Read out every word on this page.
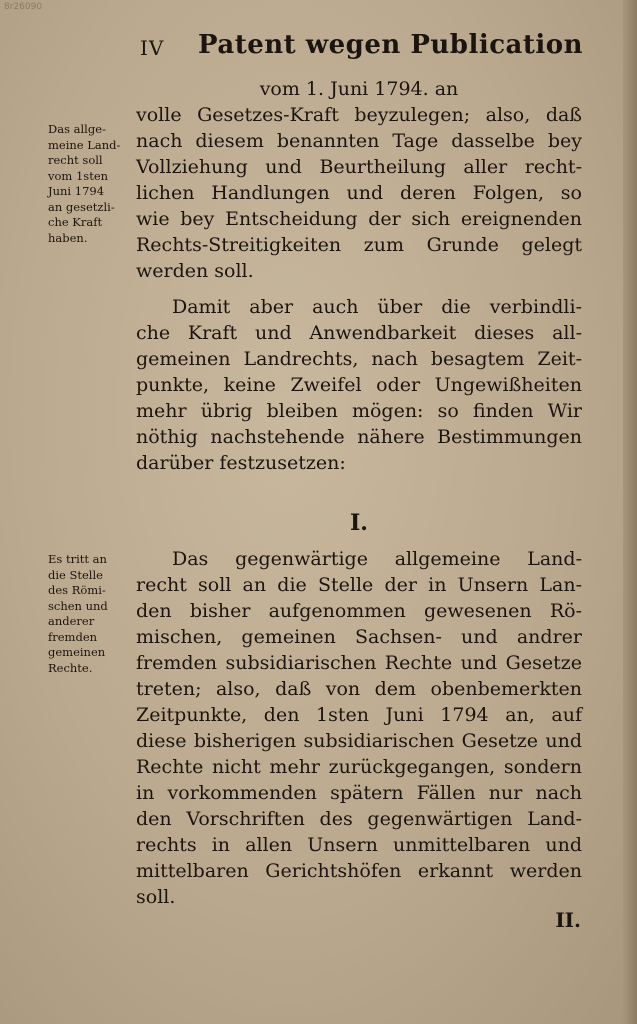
8r26090
IV Patent wegen Publication
vom 1. Juni 1794. an
volle Gesetzes-Kraft beyzulegen; also, daß
nach diesem benannten Tage dasselbe bey
Vollziehung und Beurtheilung aller recht-
lichen Handlungen und deren Folgen, so
wie bey Entscheidung der sich ereignenden
Rechts-Streitigkeiten zum Grunde gelegt
werden soll.
Damit aber auch über die verbindli-
che Kraft und Anwendbarkeit dieses all-
gemeinen Landrechts, nach besagtem Zeit-
punkte, keine Zweifel oder Ungewißheiten
mehr übrig bleiben mögen: so finden Wir
nöthig nachstehende nähere Bestimmungen
darüber festzusetzen:
I.
Das gegenwärtige allgemeine Land-
recht soll an die Stelle der in Unsern Lan-
den bisher aufgenommen gewesenen Rö-
mischen, gemeinen Sachsen- und andrer
fremden subsidiarischen Rechte und Gesetze
treten; also, daß von dem obenbemerkten
Zeitpunkte, den 1sten Juni 1794 an, auf
diese bisherigen subsidiarischen Gesetze und
Rechte nicht mehr zurückgegangen, sondern
in vorkommenden spätern Fällen nur nach
den Vorschriften des gegenwärtigen Land-
rechts in allen Unsern unmittelbaren und
mittelbaren Gerichtshöfen erkannt werden
soll.
Das allge-
meine Land-
recht soll
vom 1sten
Juni 1794
an gesetzli-
che Kraft
haben.
Es tritt an
die Stelle
des Römi-
schen und
anderer
fremden
gemeinen
Rechte.
II.
